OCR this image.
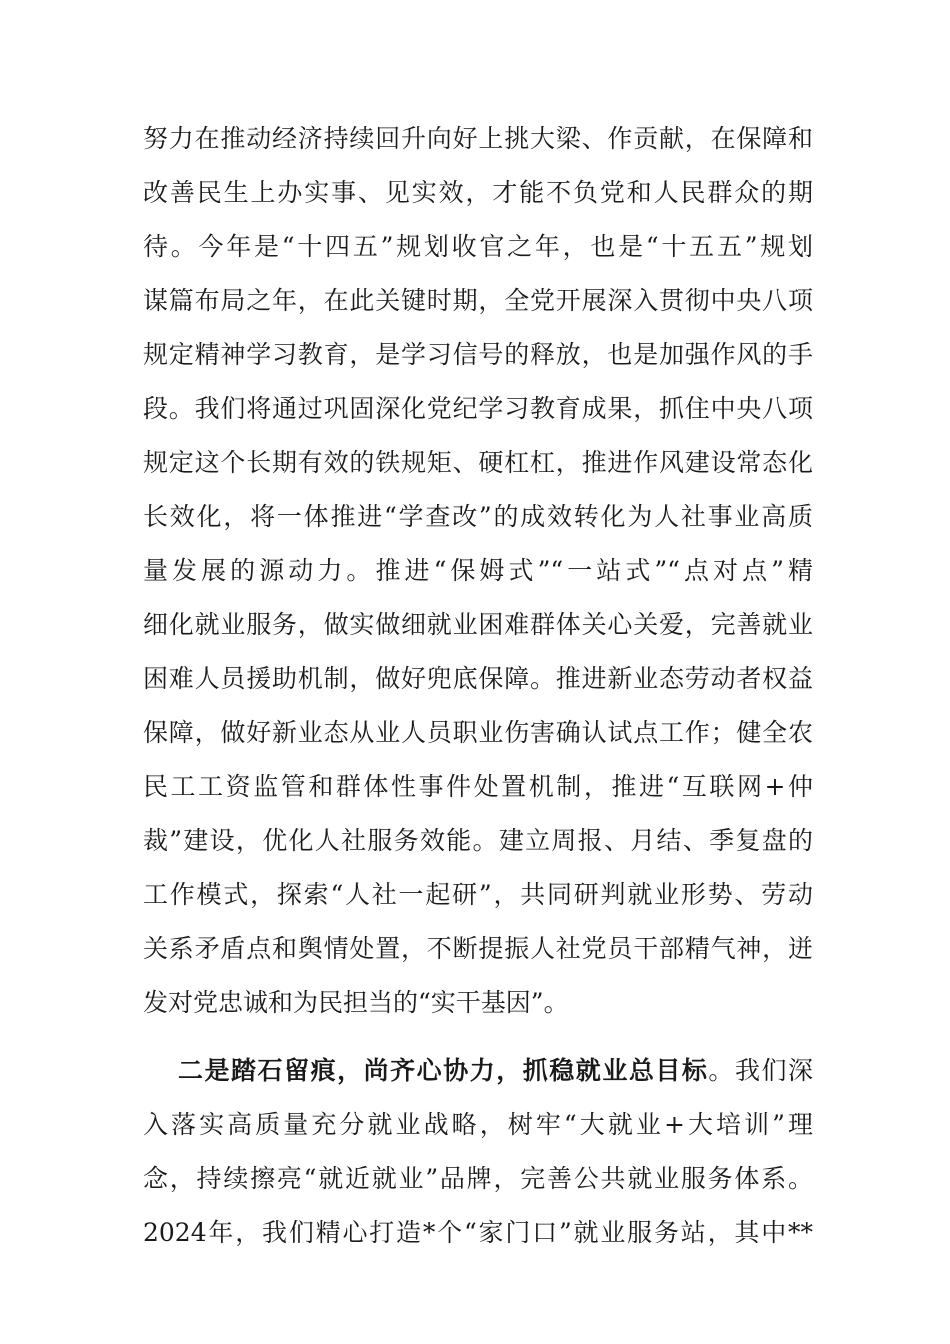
努力在推动经济持续回升向好上挑大梁、作贡献，在保障和
改善民生上办实事、见实效，才能不负党和人民群众的期
待。今年是“十四五”规划收官之年，也是“十五五”规划
谋篇布局之年，在此关键时期，全党开展深入贯彻中央八项
规定精神学习教育，是学习信号的释放，也是加强作风的手
段。我们将通过巩固深化党纪学习教育成果，抓住中央八项
规定这个长期有效的铁规矩、硬杠杠，推进作风建设常态化
长效化，将一体推进“学查改”的成效转化为人社事业高质
量发展的源动力。推进“保姆式”“一站式”“点对点”精
细化就业服务，做实做细就业困难群体关心关爱，完善就业
困难人员援助机制，做好兜底保障。推进新业态劳动者权益
保障，做好新业态从业人员职业伤害确认试点工作；健全农
民工工资监管和群体性事件处置机制，推进“互联网+仲
裁”建设，优化人社服务效能。建立周报、月结、季复盘的
工作模式，探索“人社一起研”，共同研判就业形势、劳动
关系矛盾点和舆情处置，不断提振人社党员干部精气神，迸
发对党忠诚和为民担当的“实干基因”。
二是踏石留痕，尚齐心协力，抓稳就业总目标。我们深
入落实高质量充分就业战略，树牢“大就业+大培训”理
念，持续擦亮“就近就业”品牌，完善公共就业服务体系。
2024年，我们精心打造*个“家门口”就业服务站，其中**
